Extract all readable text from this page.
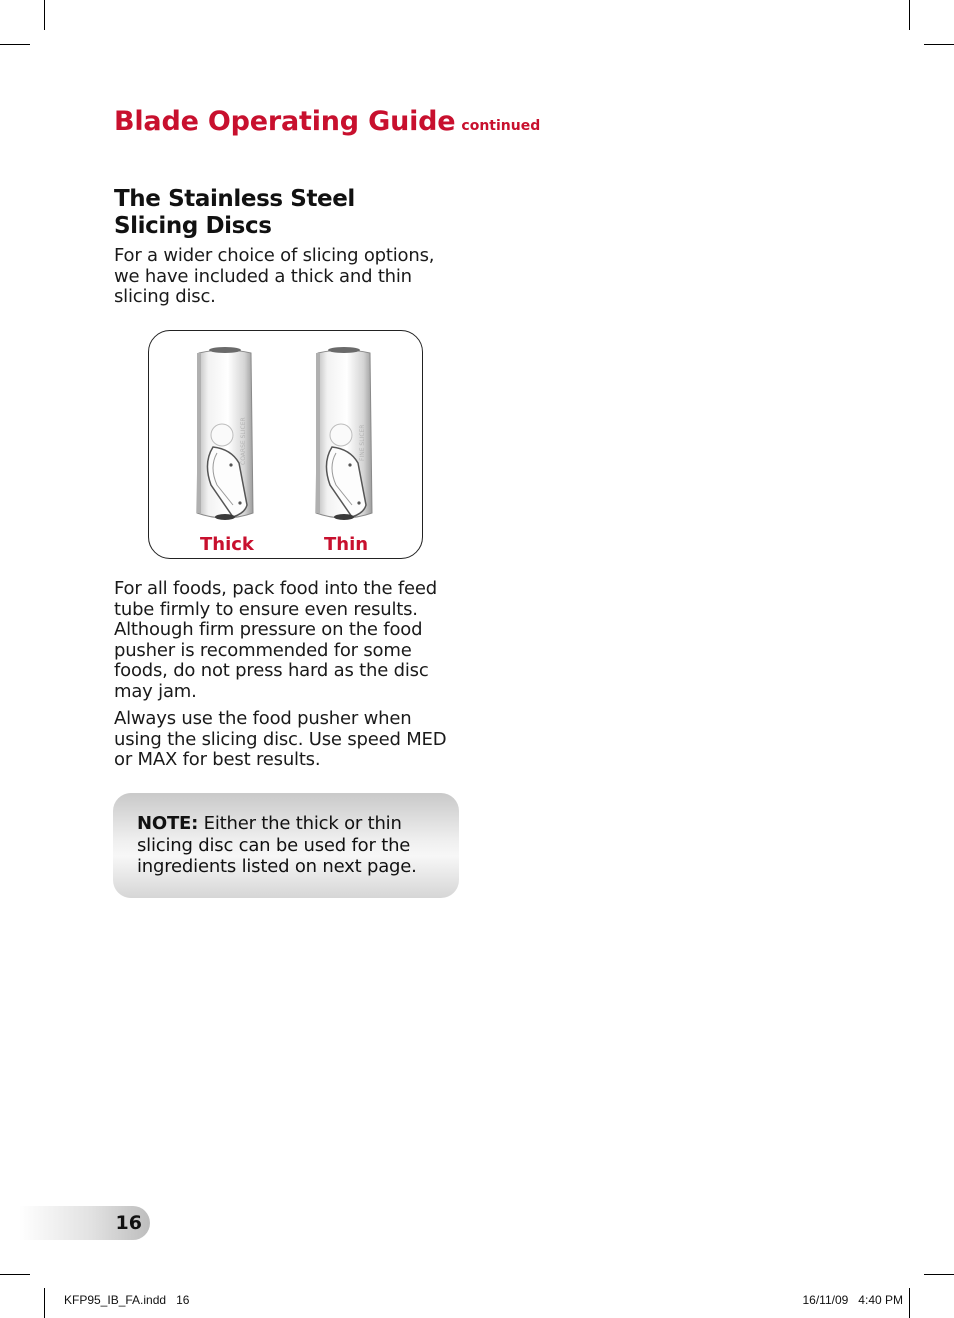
Blade Operating Guide continued
The Stainless Steel
Slicing Discs

For a wider choice of slicing options, we have included a thick and thin slicing disc.

COARSE SLICER	FINE SLICER
Thick	Thin

For all foods, pack food into the feed tube firmly to ensure even results. Although firm pressure on the food pusher is recommended for some foods, do not press hard as the disc may jam.

Always use the food pusher when using the slicing disc. Use speed MED or MAX for best results.

NOTE: Either the thick or thin slicing disc can be used for the ingredients listed on next page.
16
KFP95_IB_FA.indd   16	16/11/09   4:40 PM
